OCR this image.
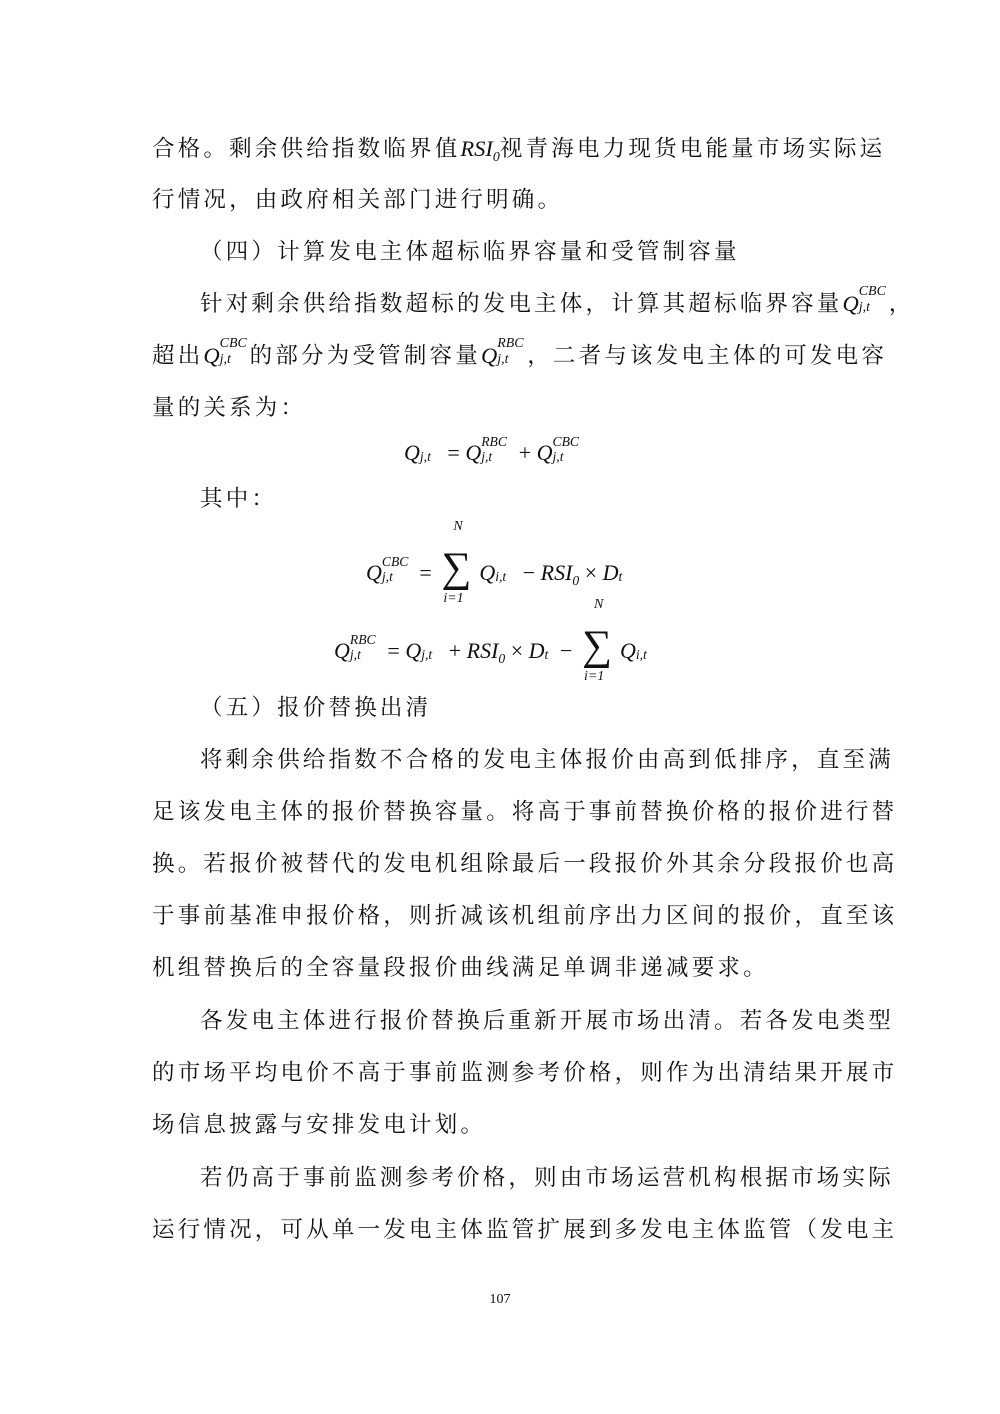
合格。剩余供给指数临界值$RSI_0$视青海电力现货电能量市场实际运
行情况，由政府相关部门进行明确。
（四）计算发电主体超标临界容量和受管制容量
针对剩余供给指数超标的发电主体，计算其超标临界容量Q CBC
j,t ，
超出Q CBC
j,t 的部分为受管制容量Q RBC
j,t ，二者与该发电主体的可发电容
量的关系为：
Q j,t = Q RBC
j,t + Q CBC
j,t
其中：
Q CBC
j,t = ∑
N
i=1
Q $i,t - RSI_0 \times D$ t
Q RBC
j,t = Q $j,t + RSI_0 \times D$ t − ∑
N
i=1
Q i,t
（五）报价替换出清
将剩余供给指数不合格的发电主体报价由高到低排序，直至满
足该发电主体的报价替换容量。将高于事前替换价格的报价进行替
换。若报价被替代的发电机组除最后一段报价外其余分段报价也高
于事前基准申报价格，则折减该机组前序出力区间的报价，直至该
机组替换后的全容量段报价曲线满足单调非递减要求。
各发电主体进行报价替换后重新开展市场出清。若各发电类型
的市场平均电价不高于事前监测参考价格，则作为出清结果开展市
场信息披露与安排发电计划。
若仍高于事前监测参考价格，则由市场运营机构根据市场实际
运行情况，可从单一发电主体监管扩展到多发电主体监管（发电主
107
